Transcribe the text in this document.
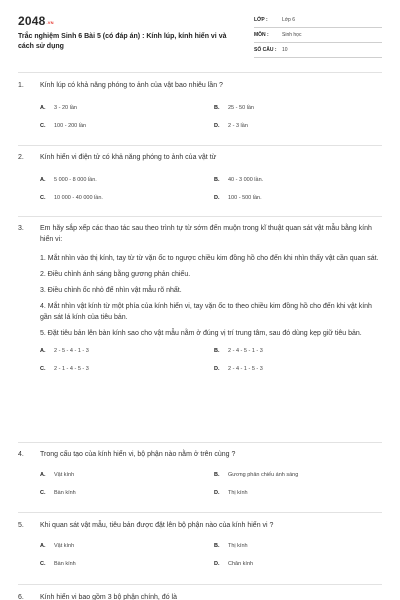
$2048^{.VN}$
Trắc nghiệm Sinh 6 Bài 5 (có đáp án) : Kính lúp, kính hiển vi và cách sử dụng
LỚP :	Lớp 6
MÔN :	Sinh học
SỐ CÂU :	10
1.	Kính lúp có khả năng phóng to ảnh của vật bao nhiêu lần ?
A.	3 - 20 lần	B.	25 - 50 lần
C.	100 - 200 lần	D.	2 - 3 lần
2.	Kính hiển vi điện tử có khả năng phóng to ảnh của vật từ
A.	5 000 - 8 000 lần.	B.	40 - 3 000 lần.
C.	10 000 - 40 000 lần.	D.	100 - 500 lần.
3.	Em hãy sắp xếp các thao tác sau theo trình tự từ sớm đến muộn trong kĩ thuật quan sát vật mẫu bằng kính hiển vi:
1. Mắt nhìn vào thị kính, tay từ từ vặn ốc to ngược chiều kim đồng hồ cho đến khi nhìn thấy vật cần quan sát.
2. Điều chỉnh ánh sáng bằng gương phản chiếu.
3. Điều chỉnh ốc nhỏ để nhìn vật mẫu rõ nhất.
4. Mắt nhìn vật kính từ một phía của kính hiển vi, tay vặn ốc to theo chiều kim đồng hồ cho đến khi vật kính gần sát lá kính của tiêu bản.
5. Đặt tiêu bản lên bàn kính sao cho vật mẫu nằm ở đúng vị trí trung tâm, sau đó dùng kẹp giữ tiêu bản.
A.	2 - 5 - 4 - 1 - 3	B.	2 - 4 - 5 - 1 - 3
C.	2 - 1 - 4 - 5 - 3	D.	2 - 4 - 1 - 5 - 3
4.	Trong cấu tạo của kính hiển vi, bộ phận nào nằm ở trên cùng ?
A.	Vật kính	B.	Gương phản chiếu ánh sáng
C.	Bàn kính	D.	Thị kính
5.	Khi quan sát vật mẫu, tiêu bản được đặt lên bộ phận nào của kính hiển vi ?
A.	Vật kính	B.	Thị kính
C.	Bàn kính	D.	Chân kính
6.	Kính hiển vi bao gồm 3 bộ phận chính, đó là
